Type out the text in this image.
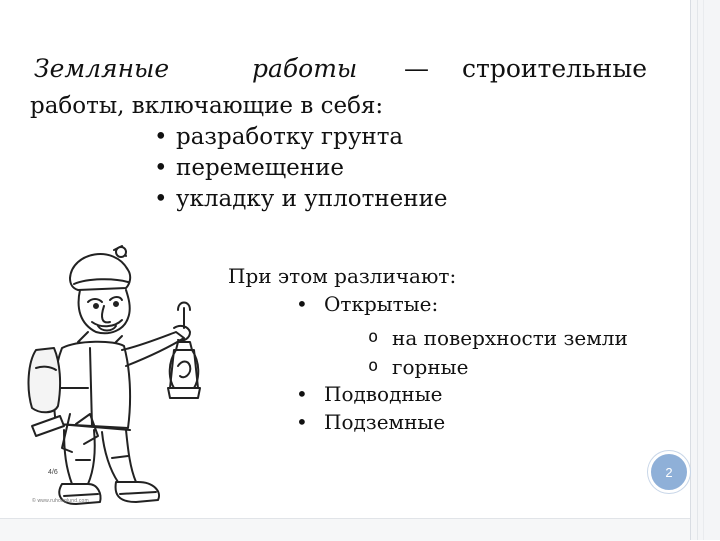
Земляные	работы — строительные
работы, включающие в себя:
• разработку грунта
• перемещение
• укладку и уплотнение
4/6
© www.ruhoaglund.com
При этом различают:
• Открытые:
o на поверхности земли
o горные
• Подводные
• Подземные
2
